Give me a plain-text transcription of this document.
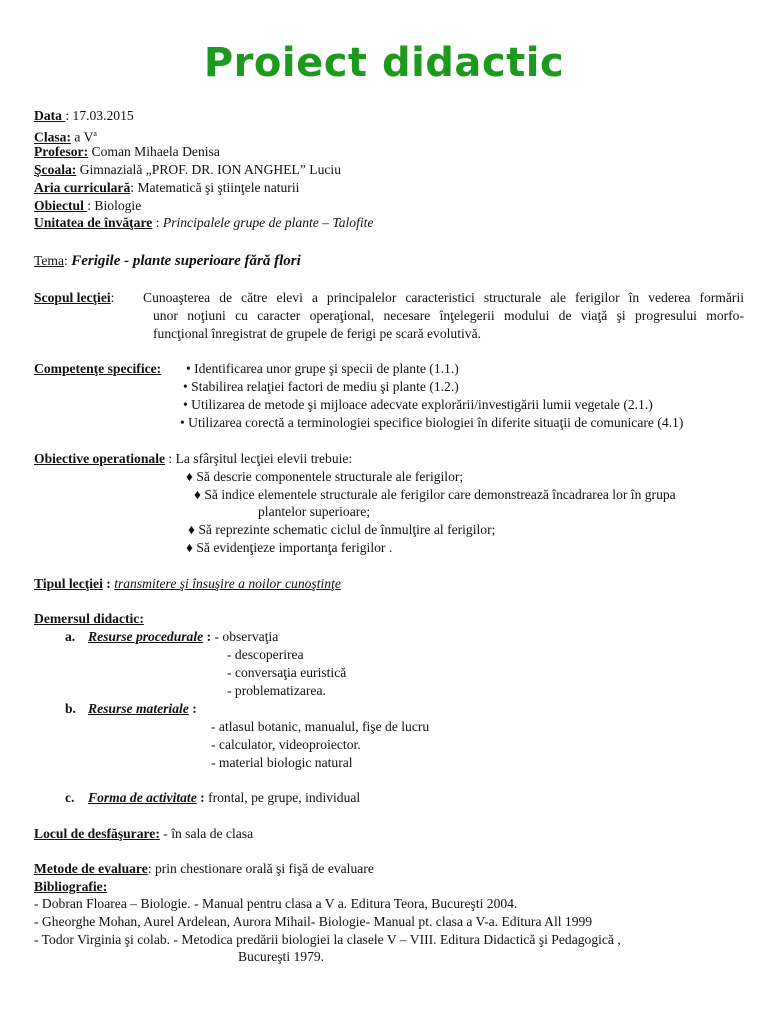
Proiect didactic
Data : 17.03.2015
Clasa: a $V^a$
Profesor: Coman Mihaela Denisa
Şcoala: Gimnazială „PROF. DR. ION ANGHEL” Luciu
Aria curriculară: Matematică şi ştiinţele naturii
Obiectul : Biologie
Unitatea de învăţare : Principalele grupe de plante – Talofite
Tema: Ferigile - plante superioare fără flori
Scopul lecţiei: Cunoaşterea de către elevi a principalelor caracteristici structurale ale ferigilor în vederea formării
unor noţiuni cu caracter operaţional, necesare înţelegerii modului de viaţă şi progresului morfo-
funcţional înregistrat de grupele de ferigi pe scară evolutivă.
Competenţe specifice: • Identificarea unor grupe şi specii de plante (1.1.)
• Stabilirea relaţiei factori de mediu şi plante (1.2.)
• Utilizarea de metode şi mijloace adecvate explorării/investigării lumii vegetale (2.1.)
• Utilizarea corectă a terminologiei specifice biologiei în diferite situaţii de comunicare (4.1)
Obiective operationale : La sfârşitul lecţiei elevii trebuie:
♦ Să descrie componentele structurale ale ferigilor;
♦ Să indice elementele structurale ale ferigilor care demonstrează încadrarea lor în grupa
plantelor superioare;
♦ Să reprezinte schematic ciclul de înmulţire al ferigilor;
♦ Să evidenţieze importanţa ferigilor .
Tipul lecţiei : transmitere şi însuşire a noilor cunoştinţe
Demersul didactic:
a. Resurse procedurale : - observaţia
- descoperirea
- conversaţia euristică
- problematizarea.
b. Resurse materiale :
- atlasul botanic, manualul, fişe de lucru
- calculator, videoproiector.
- material biologic natural
c. Forma de activitate : frontal, pe grupe, individual
Locul de desfăşurare: - în sala de clasa
Metode de evaluare: prin chestionare orală şi fişă de evaluare
Bibliografie:
- Dobran Floarea – Biologie. - Manual pentru clasa a V a. Editura Teora, Bucureşti 2004.
- Gheorghe Mohan, Aurel Ardelean, Aurora Mihail- Biologie- Manual pt. clasa a V-a. Editura All 1999
- Todor Virginia şi colab. - Metodica predării biologiei la clasele V – VIII. Editura Didactică şi Pedagogică ,
Bucureşti 1979.
